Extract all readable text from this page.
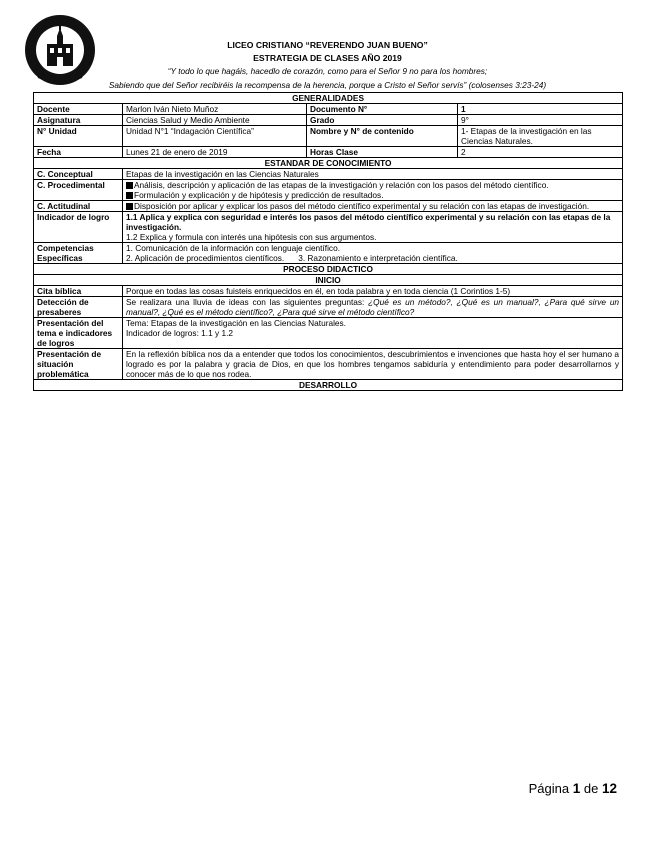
LICEO CRISTIANO “REVERENDO JUAN BUENO”
ESTRATEGIA DE CLASES AÑO 2019
“Y todo lo que hagáis, hacedlo de corazón, como para el Señor 9 no para los hombres;
Sabiendo que del Señor recibiréis la recompensa de la herencia, porque a Cristo el Señor servís” (colosenses 3:23-24)
GENERALIDADES			
Docente	Marlon Iván Nieto Muñoz	Documento N°	1
Asignatura	Ciencias Salud y Medio Ambiente	Grado	9°
N° Unidad	Unidad N°1 “Indagación Científica”	Nombre y N° de contenido	1- Etapas de la investigación en las Ciencias Naturales.
Fecha	Lunes 21 de enero de 2019	Horas Clase	2
ESTANDAR DE CONOCIMIENTO			
C. Conceptual	Etapas de la investigación en las Ciencias Naturales		
C. Procedimental	Análisis, descripción y aplicación de las etapas de la investigación y relación con los pasos del método científico.
Formulación y explicación y de hipótesis y predicción de resultados.		

C. Actitudinal	Disposición por aplicar y explicar los pasos del método científico experimental y su relación con las etapas de investigación.		
Indicador de logro	1.1 Aplica y explica con seguridad e interés los pasos del método científico experimental y su relación con las etapas de la investigación.
1.2 Explica y formula con interés una hipótesis con sus argumentos.		

Competencias Específicas	1. Comunicación de la información con lenguaje científico.
2. Aplicación de procedimientos científicos. 3. Razonamiento e interpretación científica.		

PROCESO DIDACTICO			
INICIO			
Cita bíblica	Porque en todas las cosas fuisteis enriquecidos en él, en toda palabra y en toda ciencia (1 Corintios 1-5)		
Detección de presaberes	Se realizara una lluvia de ideas con las siguientes preguntas: ¿Qué es un método?, ¿Qué es un manual?, ¿Para qué sirve un manual?, ¿Qué es el método científico?, ¿Para qué sirve el método científico?		
Presentación del tema e indicadores de logros	Tema: Etapas de la investigación en las Ciencias Naturales.
Indicador de logros: 1.1 y 1.2		

Presentación de situación problemática	En la reflexión bíblica nos da a entender que todos los conocimientos, descubrimientos e invenciones que hasta hoy el ser humano a logrado es por la palabra y gracia de Dios, en que los hombres tengamos sabiduría y entendimiento para poder desarrollarnos y conocer más de lo que nos rodea.		
DESARROLLO			
Página 1 de 12
